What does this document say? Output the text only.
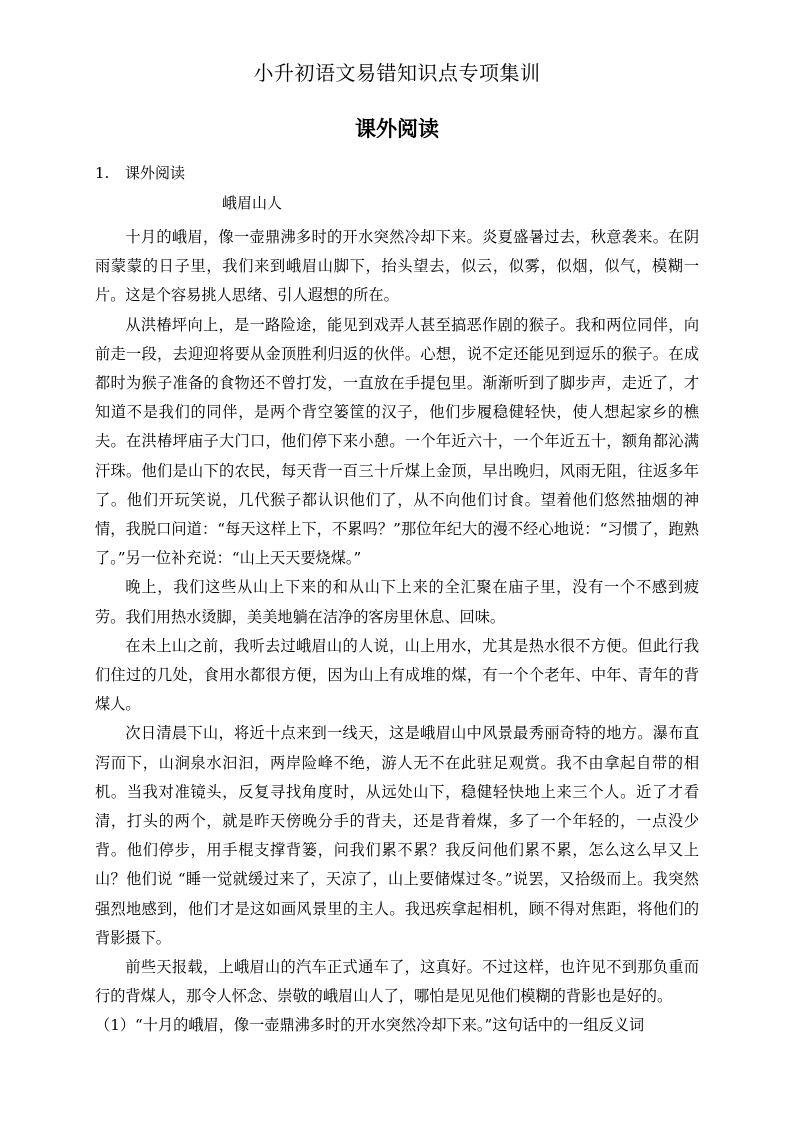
小升初语文易错知识点专项集训
课外阅读
1. 课外阅读
峨眉山人

十月的峨眉，像一壶鼎沸多时的开水突然冷却下来。炎夏盛暑过去，秋意袭来。在阴雨蒙蒙的日子里，我们来到峨眉山脚下，抬头望去，似云，似雾，似烟，似气，模糊一片。这是个容易挑人思绪、引人遐想的所在。

从洪椿坪向上，是一路险途，能见到戏弄人甚至搞恶作剧的猴子。我和两位同伴，向前走一段，去迎迎将要从金顶胜利归返的伙伴。心想，说不定还能见到逗乐的猴子。在成都时为猴子准备的食物还不曾打发，一直放在手提包里。渐渐听到了脚步声，走近了，才知道不是我们的同伴，是两个背空篓筐的汉子，他们步履稳健轻快，使人想起家乡的樵夫。在洪椿坪庙子大门口，他们停下来小憩。一个年近六十，一个年近五十，额角都沁满汗珠。他们是山下的农民，每天背一百三十斤煤上金顶，早出晚归，风雨无阻，往返多年了。他们开玩笑说，几代猴子都认识他们了，从不向他们讨食。望着他们悠然抽烟的神情，我脱口问道：“每天这样上下，不累吗？”那位年纪大的漫不经心地说：“习惯了，跑熟了。”另一位补充说：“山上天天要烧煤。”

晚上，我们这些从山上下来的和从山下上来的全汇聚在庙子里，没有一个不感到疲劳。我们用热水烫脚，美美地躺在洁净的客房里休息、回味。

在未上山之前，我听去过峨眉山的人说，山上用水，尤其是热水很不方便。但此行我们住过的几处，食用水都很方便，因为山上有成堆的煤，有一个个老年、中年、青年的背煤人。

次日清晨下山，将近十点来到一线天，这是峨眉山中风景最秀丽奇特的地方。瀑布直泻而下，山涧泉水汩汩，两岸险峰不绝，游人无不在此驻足观赏。我不由拿起自带的相机。当我对准镜头，反复寻找角度时，从远处山下，稳健轻快地上来三个人。近了才看清，打头的两个，就是昨天傍晚分手的背夫，还是背着煤，多了一个年轻的，一点没少背。他们停步，用手棍支撑背篓，问我们累不累？我反问他们累不累，怎么这么早又上山？他们说 “睡一觉就缓过来了，天凉了，山上要储煤过冬。”说罢，又拾级而上。我突然强烈地感到，他们才是这如画风景里的主人。我迅疾拿起相机，顾不得对焦距，将他们的背影摄下。

前些天报载，上峨眉山的汽车正式通车了，这真好。不过这样，也许见不到那负重而行的背煤人，那令人怀念、崇敬的峨眉山人了，哪怕是见见他们模糊的背影也是好的。

（1）“十月的峨眉，像一壶鼎沸多时的开水突然冷却下来。”这句话中的一组反义词
